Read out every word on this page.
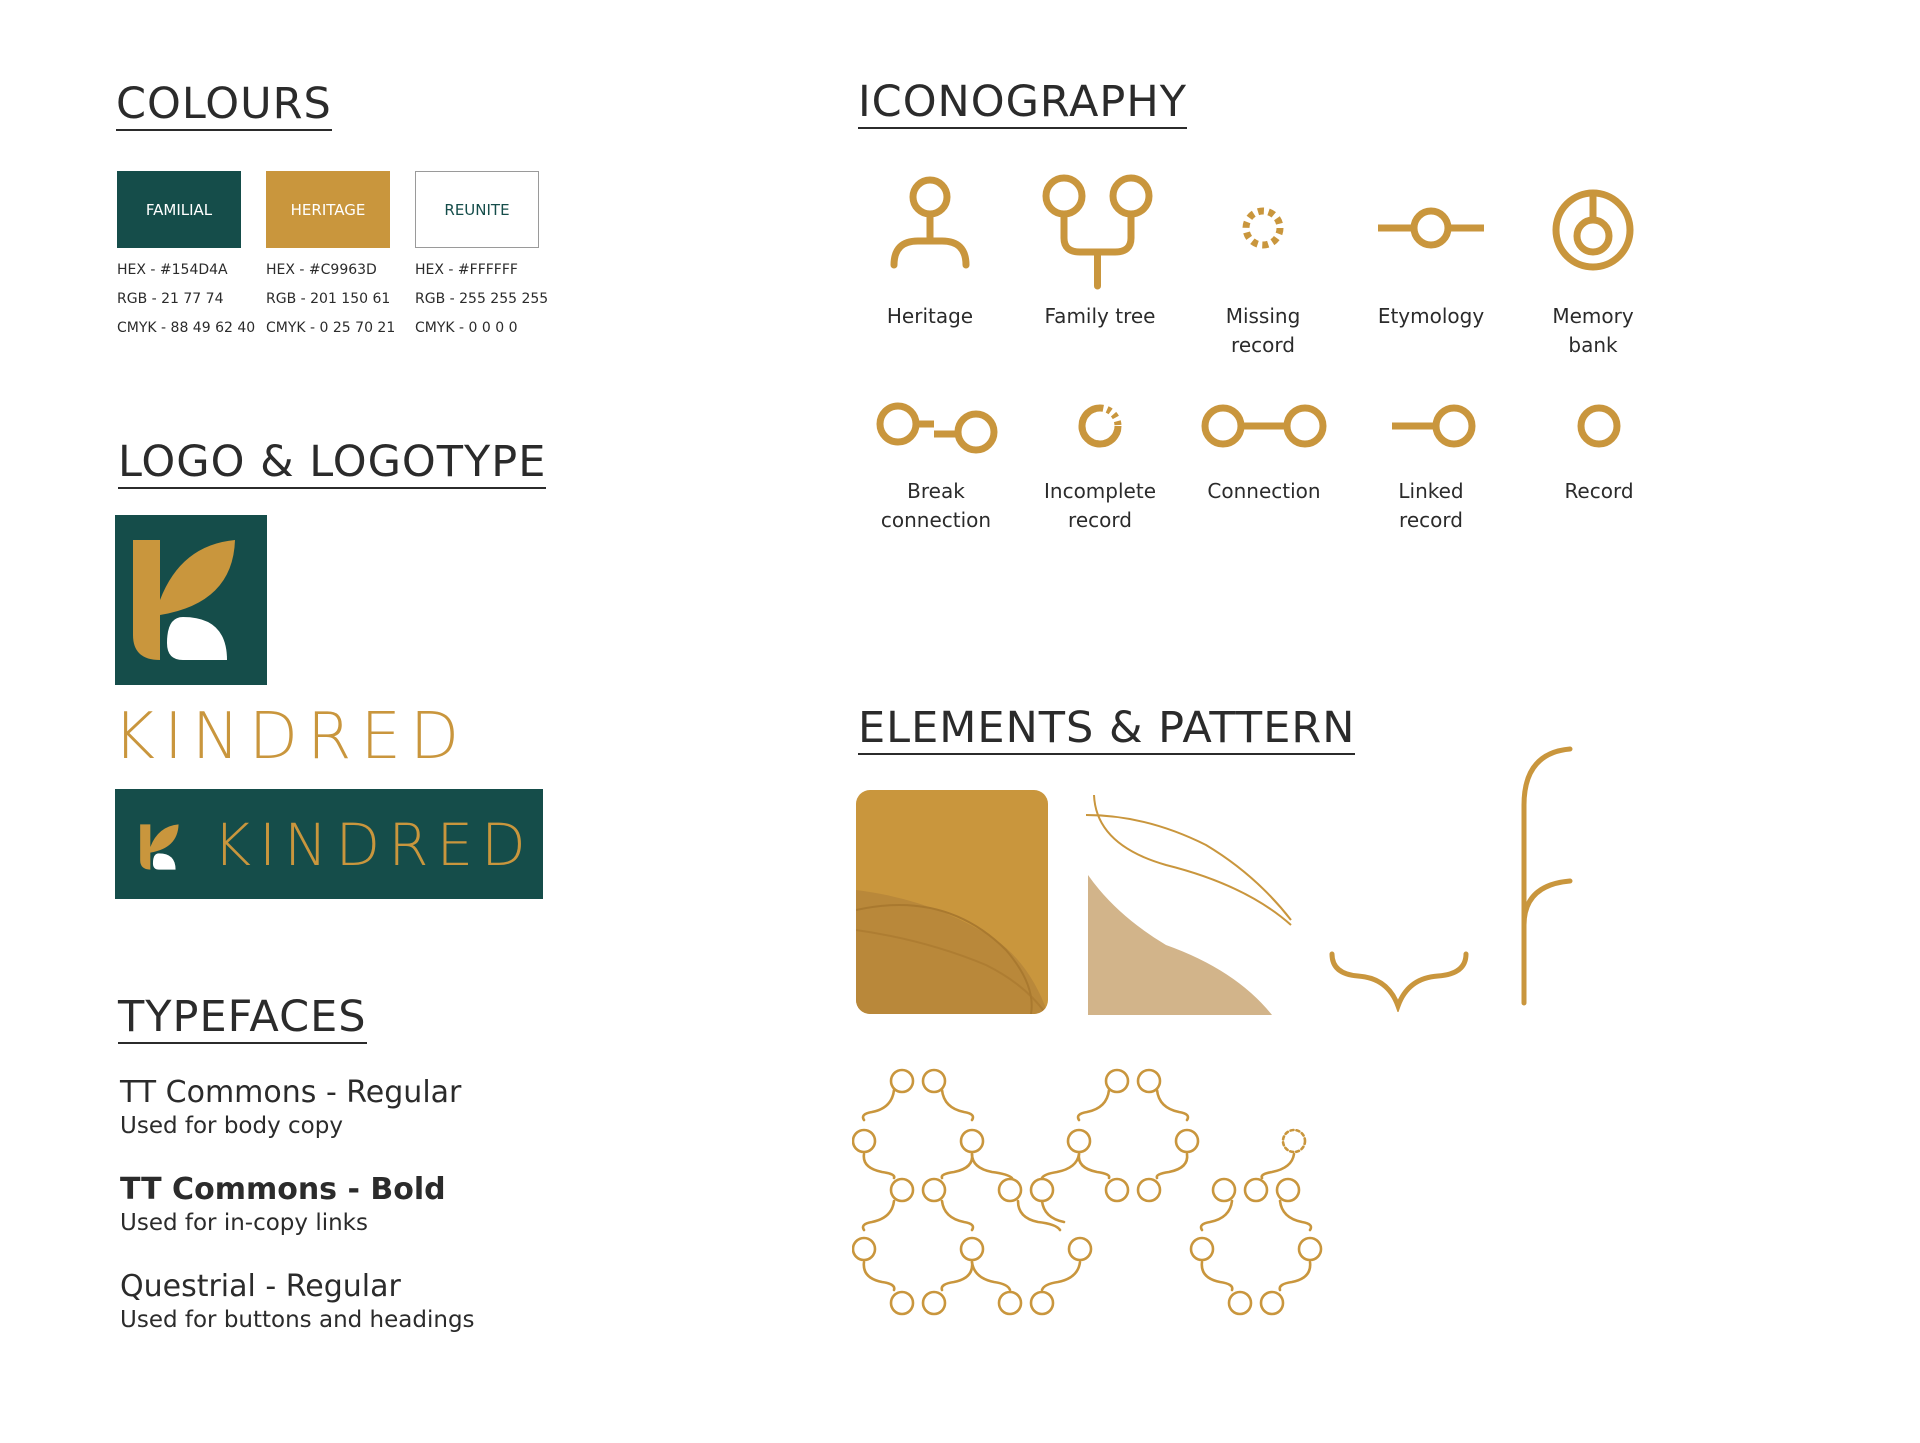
COLOURS
FAMILIAL
HEX - #154D4A
RGB - 21 77 74
CMYK - 88 49 62 40
HERITAGE
HEX - #C9963D
RGB - 201 150 61
CMYK - 0 25 70 21
REUNITE
HEX - #FFFFFF
RGB - 255 255 255
CMYK - 0 0 0 0
LOGO & LOGOTYPE
KINDRED
KINDRED
TYPEFACES
TT Commons - Regular
Used for body copy
TT Commons - Bold
Used for in-copy links
Questrial - Regular
Used for buttons and headings
ICONOGRAPHY
Heritage	Family tree	Missing
record
Etymology	Memory
bank
Break
connection
Incomplete
record
Connection	Linked
record
Record
ELEMENTS & PATTERN
